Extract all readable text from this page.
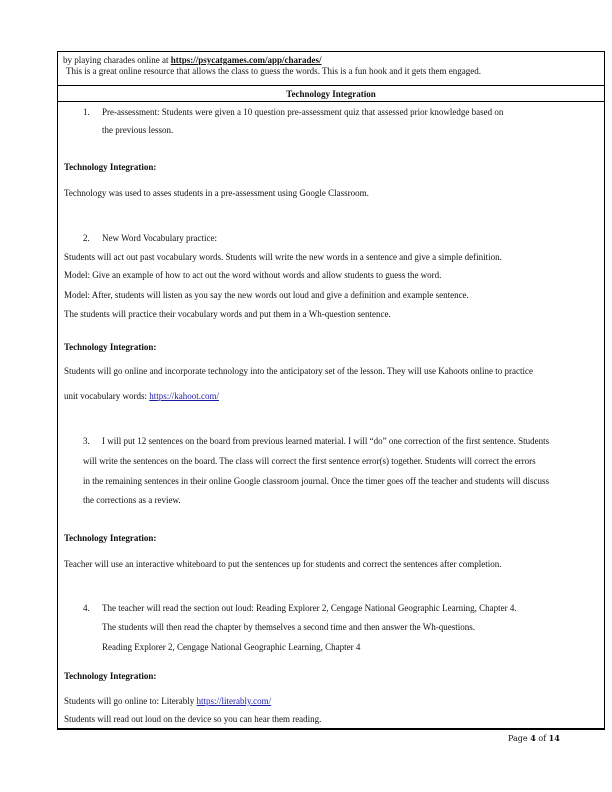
by playing charades online at https://psycatgames.com/app/charades/
This is a great online resource that allows the class to guess the words. This is a fun hook and it gets them engaged.
Technology Integration
1. Pre-assessment: Students were given a 10 question pre-assessment quiz that assessed prior knowledge based on
the previous lesson.
Technology Integration:
Technology was used to asses students in a pre-assessment using Google Classroom.
2. New Word Vocabulary practice:
Students will act out past vocabulary words. Students will write the new words in a sentence and give a simple definition.
Model: Give an example of how to act out the word without words and allow students to guess the word.
Model: After, students will listen as you say the new words out loud and give a definition and example sentence.
The students will practice their vocabulary words and put them in a Wh-question sentence.
Technology Integration:
Students will go online and incorporate technology into the anticipatory set of the lesson. They will use Kahoots online to practice
unit vocabulary words: https://kahoot.com/
3. I will put 12 sentences on the board from previous learned material. I will “do” one correction of the first sentence. Students
will write the sentences on the board. The class will correct the first sentence error(s) together. Students will correct the errors
in the remaining sentences in their online Google classroom journal. Once the timer goes off the teacher and students will discuss
the corrections as a review.
Technology Integration:
Teacher will use an interactive whiteboard to put the sentences up for students and correct the sentences after completion.
4. The teacher will read the section out loud: Reading Explorer 2, Cengage National Geographic Learning, Chapter 4.
The students will then read the chapter by themselves a second time and then answer the Wh-questions.
Reading Explorer 2, Cengage National Geographic Learning, Chapter 4
Technology Integration:
Students will go online to: Literably https://literably.com/
Students will read out loud on the device so you can hear them reading.
Page 4 of 14
